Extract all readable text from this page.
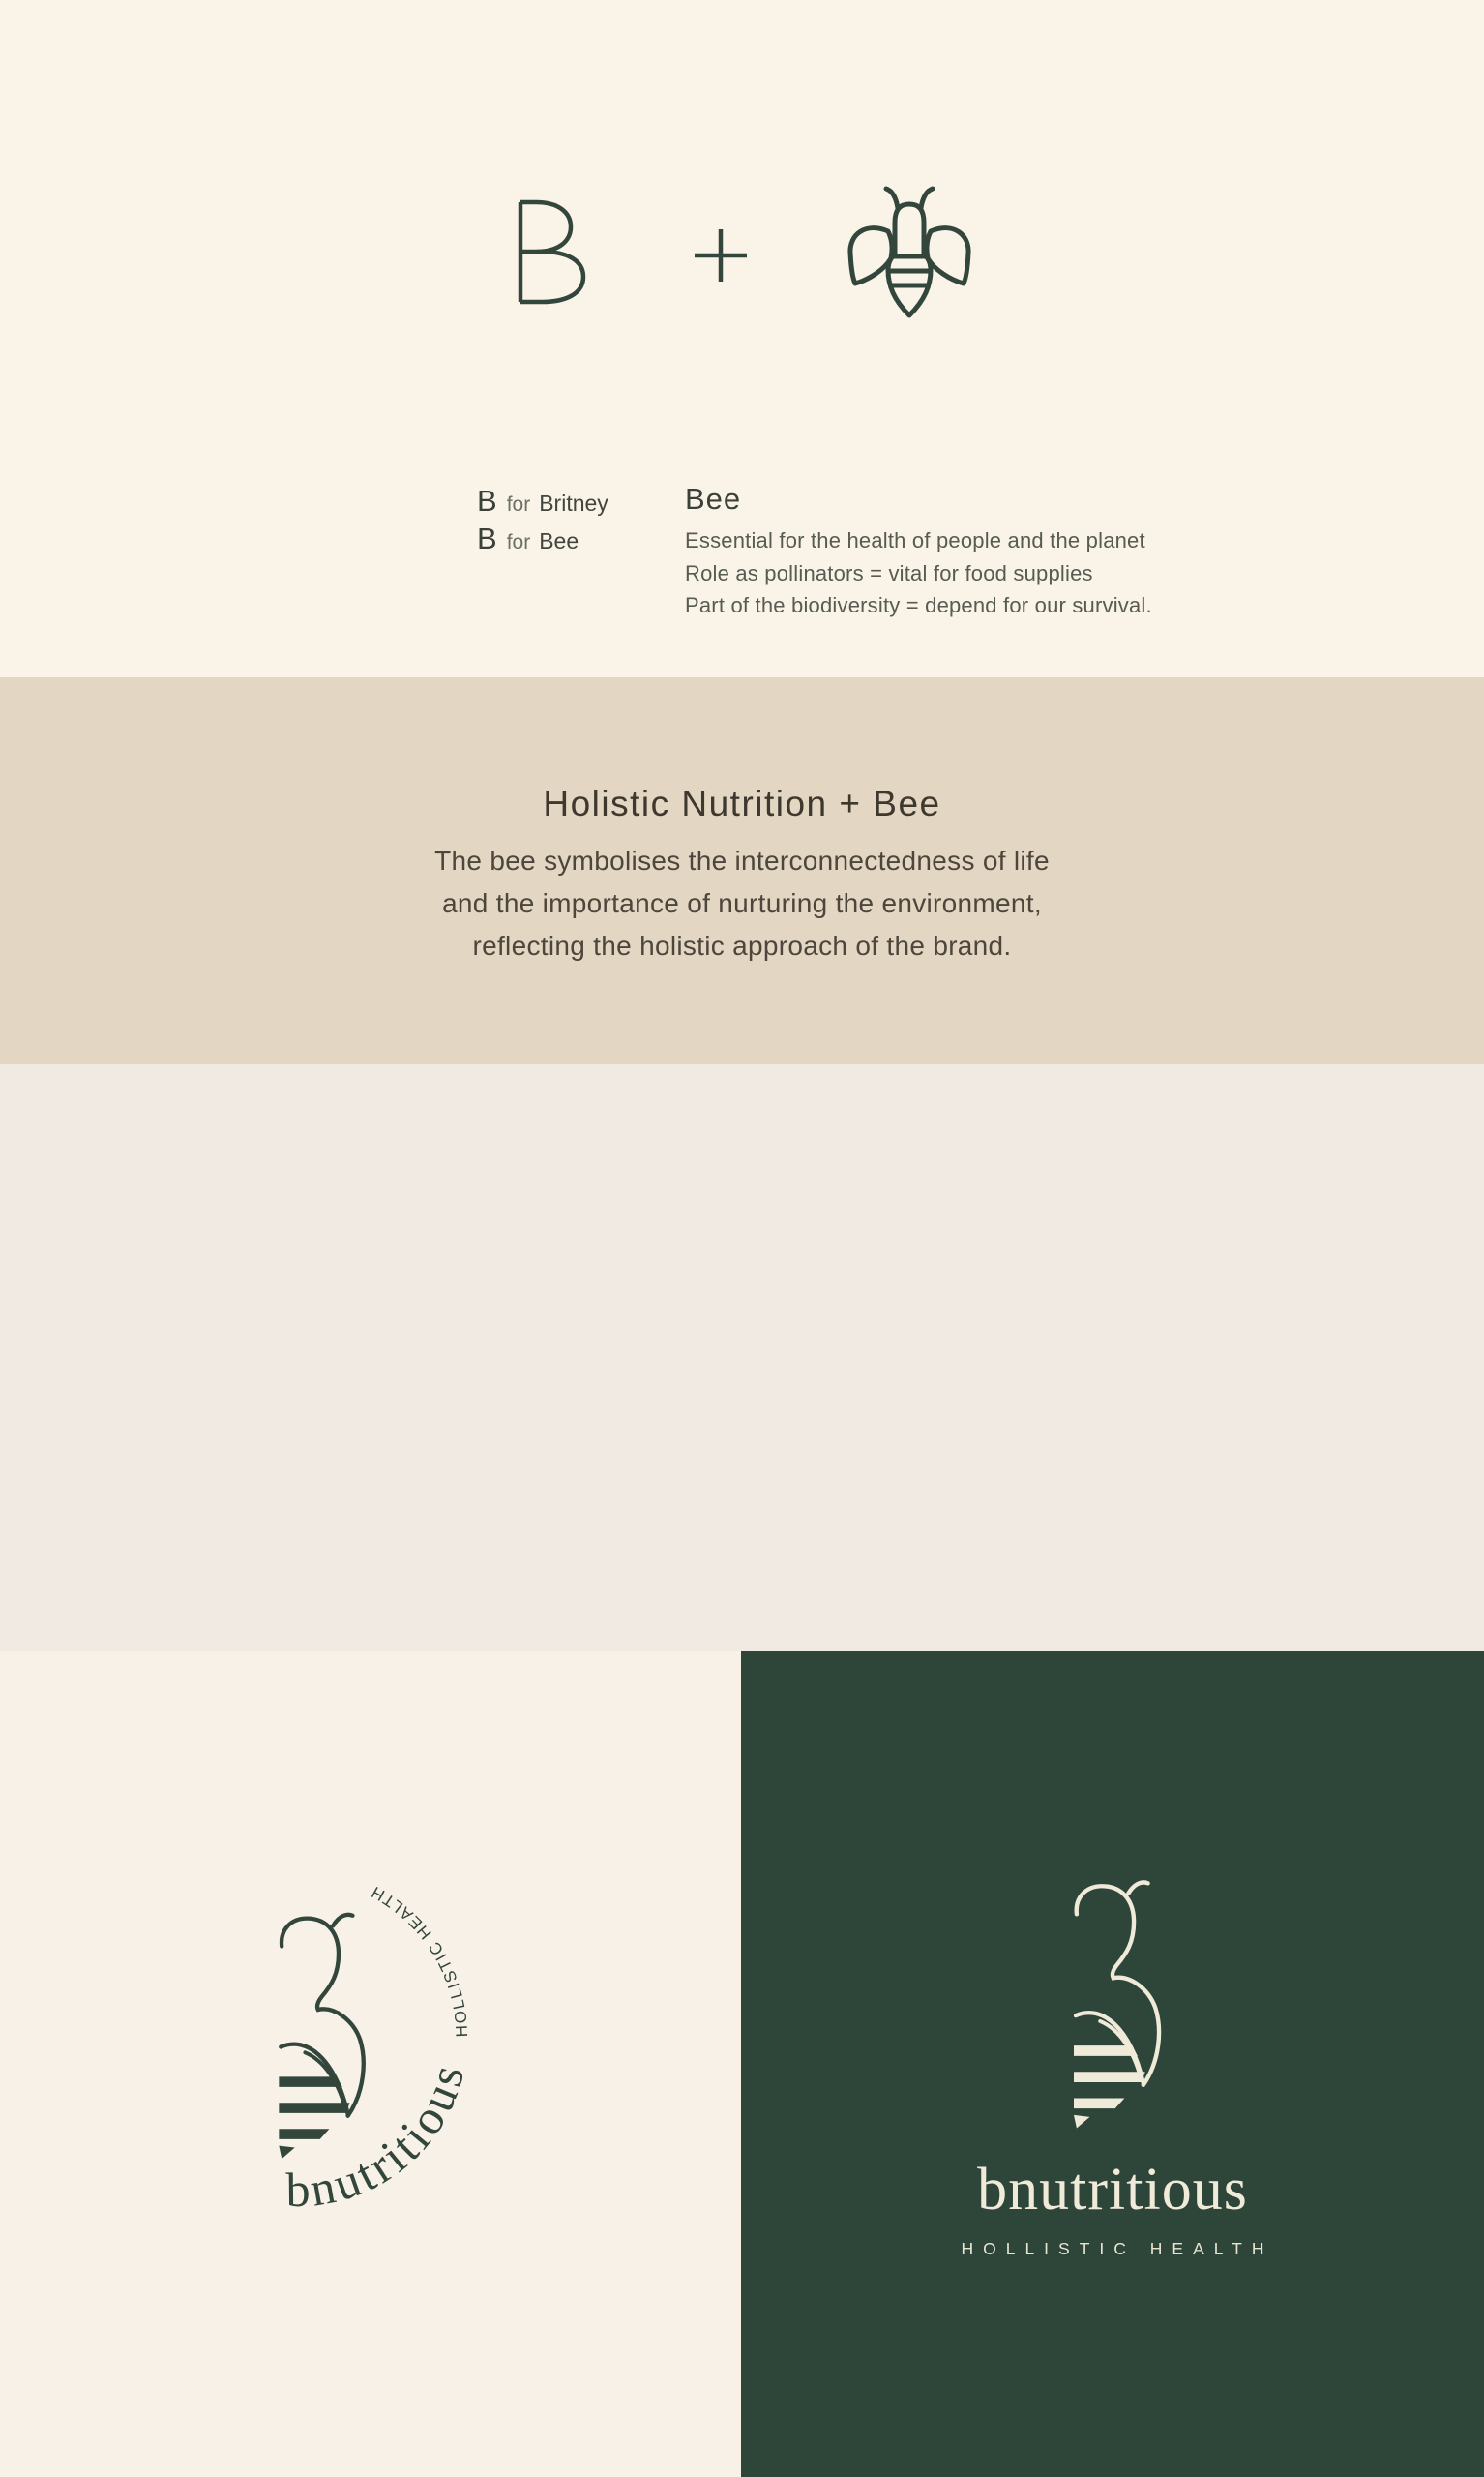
B for Britney
B for Bee
Bee
Essential for the health of people and the planet
Role as pollinators = vital for food supplies
Part of the biodiversity = depend for our survival.
Holistic Nutrition + Bee
The bee symbolises the interconnectedness of life
and the importance of nurturing the environment,
reflecting the holistic approach of the brand.
bnutritious
HOLLISTIC HEALTH
bnutritious
HOLLISTIC HEALTH
